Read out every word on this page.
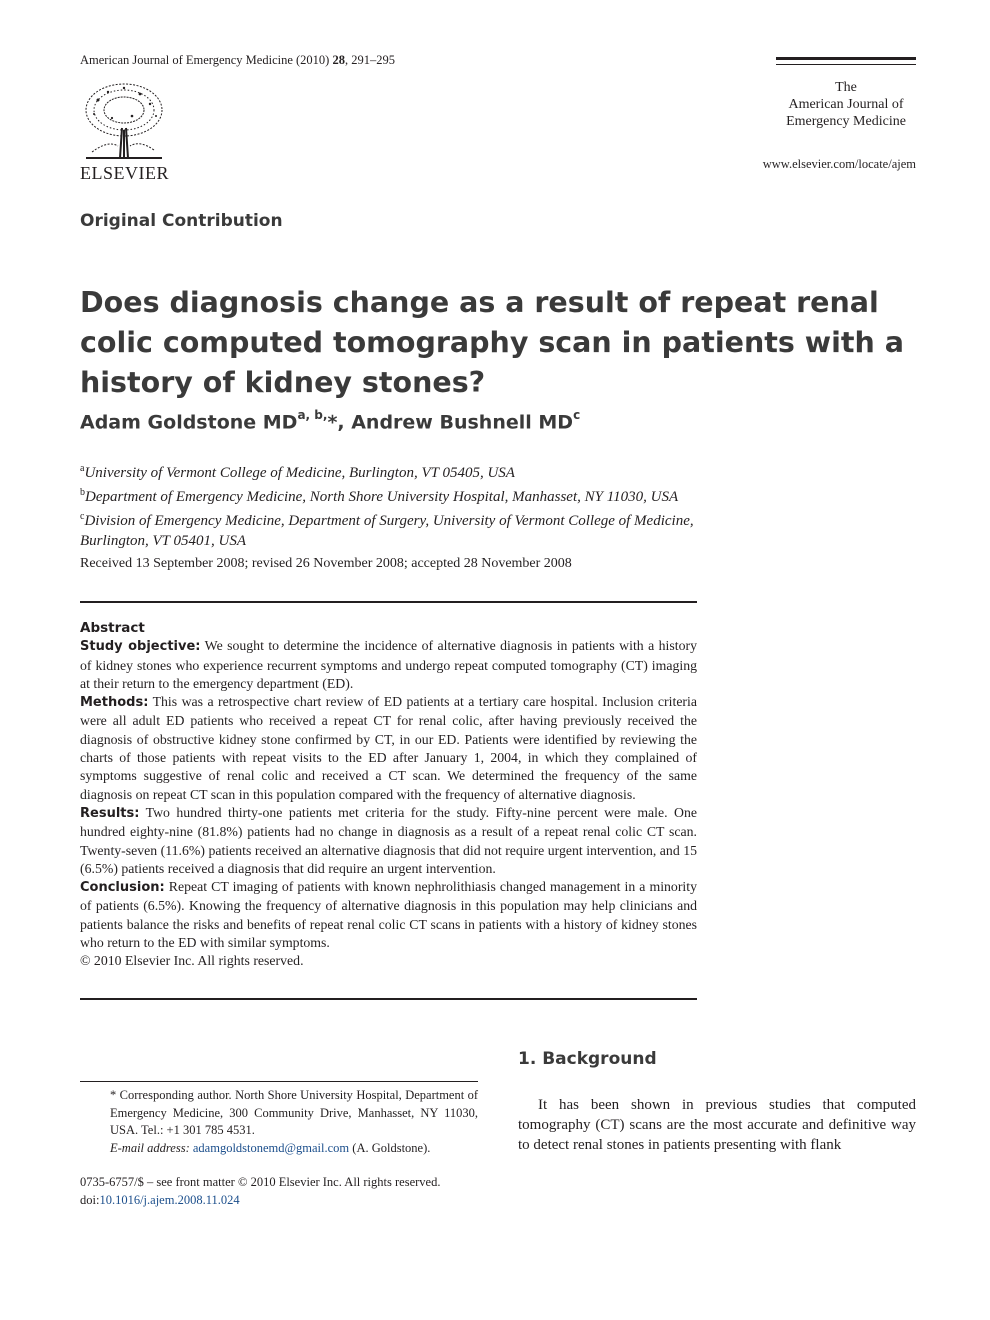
American Journal of Emergency Medicine (2010) 28, 291–295
ELSEVIER
The
American Journal of
Emergency Medicine
www.elsevier.com/locate/ajem
Original Contribution
Does diagnosis change as a result of repeat renal colic computed tomography scan in patients with a history of kidney stones?
Adam Goldstone $MD^{a, b,}*$, Andrew Bushnell $MD^c$
$^a$University of Vermont College of Medicine, Burlington, VT 05405, USA
$^b$Department of Emergency Medicine, North Shore University Hospital, Manhasset, NY 11030, USA
$^c$Division of Emergency Medicine, Department of Surgery, University of Vermont College of Medicine,
Burlington, VT 05401, USA
Received 13 September 2008; revised 26 November 2008; accepted 28 November 2008
Abstract

Study objective: We sought to determine the incidence of alternative diagnosis in patients with a history of kidney stones who experience recurrent symptoms and undergo repeat computed tomography (CT) imaging at their return to the emergency department (ED).

Methods: This was a retrospective chart review of ED patients at a tertiary care hospital. Inclusion criteria were all adult ED patients who received a repeat CT for renal colic, after having previously received the diagnosis of obstructive kidney stone confirmed by CT, in our ED. Patients were identified by reviewing the charts of those patients with repeat visits to the ED after January 1, 2004, in which they complained of symptoms suggestive of renal colic and received a CT scan. We determined the frequency of the same diagnosis on repeat CT scan in this population compared with the frequency of alternative diagnosis.

Results: Two hundred thirty-one patients met criteria for the study. Fifty-nine percent were male. One hundred eighty-nine (81.8%) patients had no change in diagnosis as a result of a repeat renal colic CT scan. Twenty-seven (11.6%) patients received an alternative diagnosis that did not require urgent intervention, and 15 (6.5%) patients received a diagnosis that did require an urgent intervention.

Conclusion: Repeat CT imaging of patients with known nephrolithiasis changed management in a minority of patients (6.5%). Knowing the frequency of alternative diagnosis in this population may help clinicians and patients balance the risks and benefits of repeat renal colic CT scans in patients with a history of kidney stones who return to the ED with similar symptoms.

© 2010 Elsevier Inc. All rights reserved.

* Corresponding author. North Shore University Hospital, Department of Emergency Medicine, 300 Community Drive, Manhasset, NY 11030, USA. Tel.: +1 301 785 4531.

E-mail address: adamgoldstonemd@gmail.com (A. Goldstone).

0735-6757/$ – see front matter © 2010 Elsevier Inc. All rights reserved.

doi:10.1016/j.ajem.2008.11.024

1. Background

It has been shown in previous studies that computed tomography (CT) scans are the most accurate and definitive way to detect renal stones in patients presenting with flank
